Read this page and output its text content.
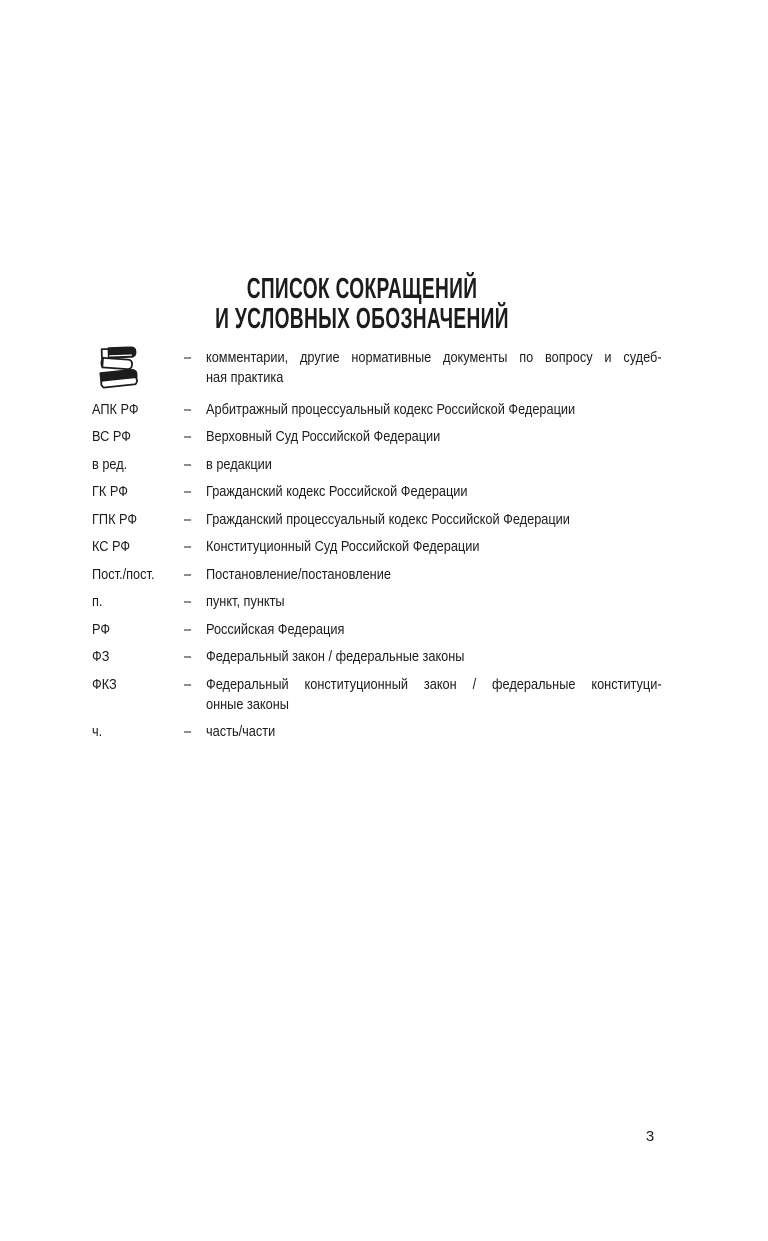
СПИСОК СОКРАЩЕНИЙ
И УСЛОВНЫХ ОБОЗНАЧЕНИЙ
– комментарии, другие нормативные документы по вопросу и судеб-
ная практика
АПК РФ	– Арбитражный процессуальный кодекс Российской Федерации
ВС РФ	– Верховный Суд Российской Федерации
в ред.	– в редакции
ГК РФ	– Гражданский кодекс Российской Федерации
ГПК РФ	– Гражданский процессуальный кодекс Российской Федерации
КС РФ	– Конституционный Суд Российской Федерации
Пост./пост.	– Постановление/постановление
п.	– пункт, пункты
РФ	– Российская Федерация
ФЗ	– Федеральный закон / федеральные законы
ФКЗ	– Федеральный конституционный закон / федеральные конституци-
онные законы
ч.	– часть/части
3
